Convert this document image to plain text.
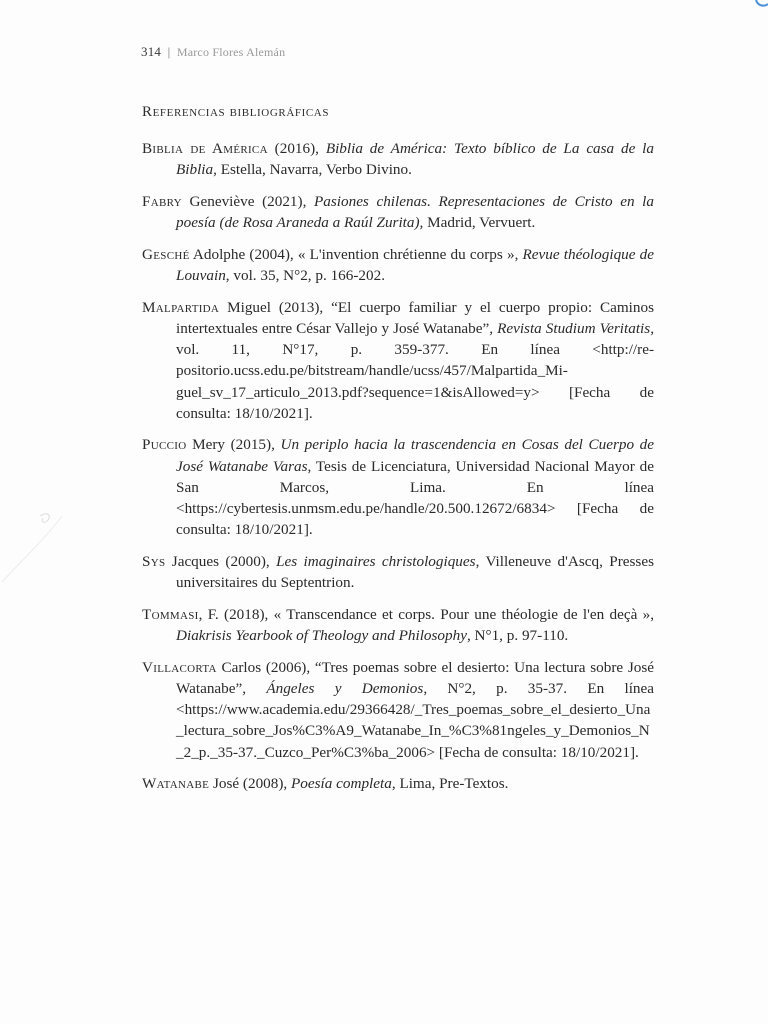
314 | Marco Flores Alemán
Referencias bibliográficas
Biblia de América (2016), Biblia de América: Texto bíblico de La casa de la Biblia, Estella, Navarra, Verbo Divino.
Fabry Geneviève (2021), Pasiones chilenas. Representaciones de Cristo en la poesía (de Rosa Araneda a Raúl Zurita), Madrid, Vervuert.
Gesché Adolphe (2004), « L'invention chrétienne du corps », Revue théologique de Louvain, vol. 35, N°2, p. 166-202.
Malpartida Miguel (2013), “El cuerpo familiar y el cuerpo propio: Caminos intertextuales entre César Vallejo y José Watanabe”, Revista Studium Veritatis, vol. 11, N°17, p. 359-377. En línea <http://repositorio.ucss.edu.pe/bitstream/handle/ucss/457/Malpartida_Miguel_sv_17_articulo_2013.pdf?sequence=1&isAllowed=y> [Fecha de consulta: 18/10/2021].
Puccio Mery (2015), Un periplo hacia la trascendencia en Cosas del Cuerpo de José Watanabe Varas, Tesis de Licenciatura, Universidad Nacional Mayor de San Marcos, Lima. En línea <https://cybertesis.unmsm.edu.pe/handle/20.500.12672/6834> [Fecha de consulta: 18/10/2021].
Sys Jacques (2000), Les imaginaires christologiques, Villeneuve d'Ascq, Presses universitaires du Septentrion.
Tommasi, F. (2018), « Transcendance et corps. Pour une théologie de l'en deçà », Diakrisis Yearbook of Theology and Philosophy, N°1, p. 97-110.
Villacorta Carlos (2006), “Tres poemas sobre el desierto: Una lectura sobre José Watanabe”, Ángeles y Demonios, N°2, p. 35-37. En línea <https://www.academia.edu/29366428/_Tres_poemas_sobre_el_desierto_Una_lectura_sobre_Jos%C3%A9_Watanabe_In_%C3%81ngeles_y_Demonios_N_2_p._35-37._Cuzco_Per%C3%ba_2006> [Fecha de consulta: 18/10/2021].
Watanabe José (2008), Poesía completa, Lima, Pre-Textos.
